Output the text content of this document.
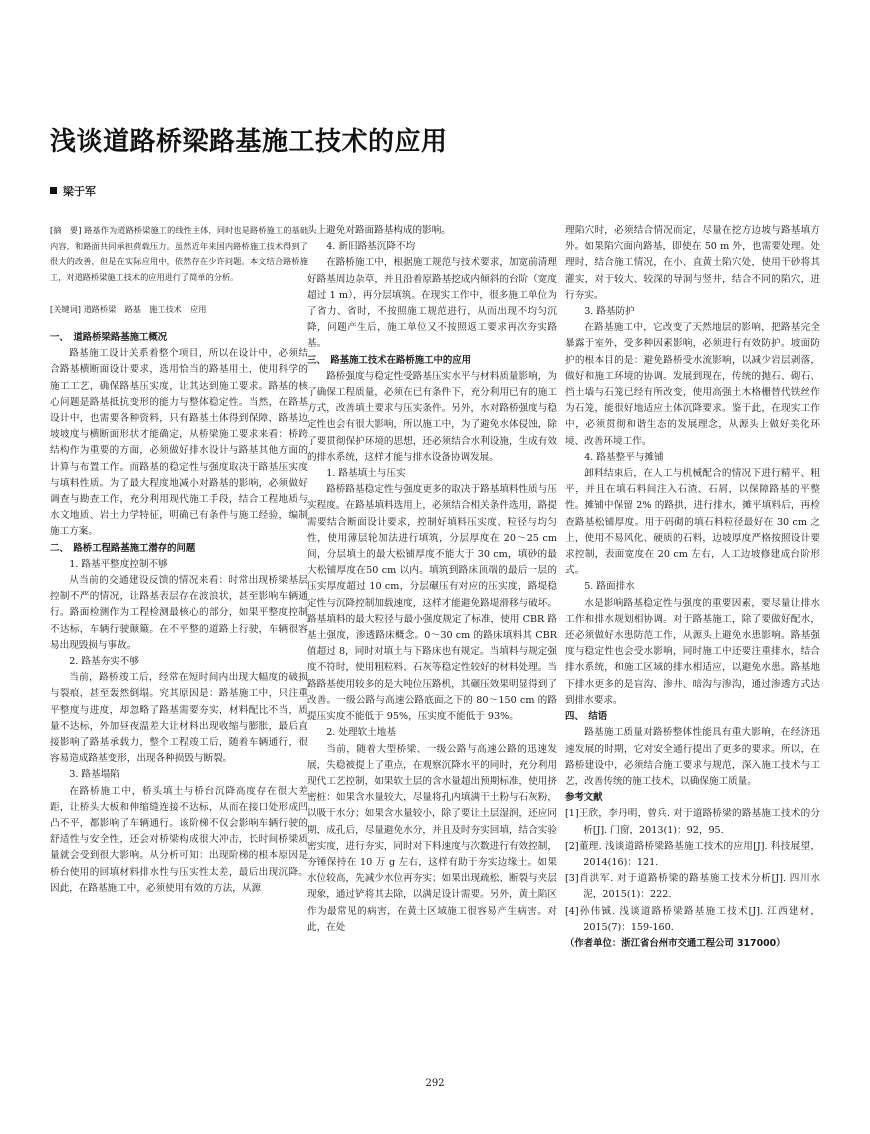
浅谈道路桥梁路基施工技术的应用
梁于军

[摘　要] 路基作为道路桥梁施工的线性主体，同时也是路桥施工的基础内容，和路面共同承担荷载压力。虽然近年来国内路桥施工技术得到了很大的改善，但是在实际应用中，依然存在少许问题。本文结合路桥施工，对道路桥梁施工技术的应用进行了简单的分析。

[关键词] 道路桥梁　路基　施工技术　应用

一、　道路桥梁路基施工概况

路基施工设计关系着整个项目，所以在设计中，必须结合路基横断面设计要求，选用恰当的路基用土，使用科学的施工工艺，确保路基压实度，让其达到施工要求。路基的核心问题是路基抵抗变形的能力与整体稳定性。当然，在路基设计中，也需要各种资料，只有路基土体得到保障，路基边坡坡度与横断面形状才能确定，从桥梁施工要求来看：桥跨结构作为重要的方面，必须做好排水设计与路基其他方面的计算与布置工作。而路基的稳定性与强度取决于路基压实度与填料性质。为了最大程度地减小对路基的影响，必须做好调查与勘查工作，充分利用现代施工手段，结合工程地质与水文地质、岩土力学特征，明确已有条件与施工经验，编制施工方案。

二、　路桥工程路基施工潜存的问题

1. 路基平整度控制不够

从当前的交通建设反馈的情况来看：时常出现桥梁基层控制不严的情况，让路基表层存在波浪状，甚至影响车辆通行。路面检测作为工程检测最核心的部分，如果平整度控制不达标，车辆行驶颠簸。在不平整的道路上行驶，车辆很容易出现毁损与事故。

2. 路基夯实不够

当前，路桥竣工后，经常在短时间内出现大幅度的破损与裂痕，甚至轰然倒塌。究其原因是：路基施工中，只注重平整度与进度，却忽略了路基需要夯实，材料配比不当，质量不达标，外加昼夜温差大让材料出现收缩与膨胀，最后直接影响了路基承载力，整个工程竣工后，随着车辆通行，很容易造成路基变形，出现各种损毁与断裂。

3. 路基塌陷

在路桥施工中，桥头填土与桥台沉降高度存在很大差距，让桥头大板和伸缩缝连接不达标，从而在接口处形成凹凸不平，都影响了车辆通行。该阶梯不仅会影响车辆行驶的舒适性与安全性，还会对桥梁构成很大冲击，长时间桥梁质量就会受到很大影响。从分析可知：出现阶梯的根本原因是桥台使用的回填材料排水性与压实性太差，最后出现沉降。因此，在路基施工中，必须使用有效的方法，从源

头上避免对路面路基构成的影响。

4. 新旧路基沉降不均

在路桥施工中，根据施工规范与技术要求，加宽前清理好路基周边杂草，并且沿着原路基挖成内倾斜的台阶（宽度超过 1 m），再分层填筑。在现实工作中，很多施工单位为了省力、省时，不按照施工规范进行，从而出现不均匀沉降，问题产生后，施工单位又不按照返工要求再次夯实路基。

三、　路基施工技术在路桥施工中的应用

路桥强度与稳定性受路基压实水平与材料质量影响，为了确保工程质量，必须在已有条件下，充分利用已有的施工方式，改善填土要求与压实条件。另外，水对路桥强度与稳定性也会有很大影响，所以施工中，为了避免水体侵蚀，除了要贯彻保护环境的思想，还必须结合水利设施，生成有效的排水系统，这样才能与排水设备协调发展。

1. 路基填土与压实

路桥路基稳定性与强度更多的取决于路基填料性质与压实程度。在路基填料选用上，必须结合相关条件选用，路提需要结合断面设计要求，控制好填料压实度、粒径与均匀性，使用薄层轮加法进行填筑，分层厚度在 20～25 cm 间，分层填土的最大松铺厚度不能大于 30 cm，填砂的最大松铺厚度在50 cm 以内。填筑到路床顶端的最后一层的压实厚度超过 10 cm，分层碾压有对应的压实度，路堤稳定性与沉降控制加载速度，这样才能避免路堤滑移与破坏。路基填料的最大粒径与最小强度规定了标准，使用 CBR 路基土强度，渗透路床概念。0～30 cm 的路床填料其 CBR 值超过 8，同时对填土与下路床也有规定。当填料与规定强度不符时，使用粗粒料、石灰等稳定性较好的材料处理。当路路基使用较多的是大吨位压路机，其碾压效果明显得到了改善。一级公路与高速公路底面之下的 80～150 cm 的路提压实度不能低于 95%，压实度不能低于 93%。

2. 处理软土地基

当前，随着大型桥梁、一级公路与高速公路的迅速发展，失稳被提上了重点，在观察沉降水平的同时，充分利用现代工艺控制，如果软土层的含水量超出预期标准，使用挤密桩：如果含水量较大，尽量将孔内填满干土粉与石灰粉，以吸干水分；如果含水量较小，除了要让土层湿润，还应同期，成孔后，尽量避免水分，并且及时夯实回填，结合实验密实度，进行夯实，同时对下料速度与次数进行有效控制，夯锤保持在 10 万 g 左右，这样有助于夯实边缘土。如果水位较高，先减少水位再夯实；如果出现疏松、断裂与夹层现象，通过铲将其去除，以满足设计需要。另外，黄土陷区作为最常见的病害，在黄土区域施工很容易产生病害。对此，在处

理陷穴时，必须结合情况而定，尽量在挖方边坡与路基填方外。如果陷穴面向路基，即使在 50 m 外，也需要处理。处理时，结合施工情况，在小、直黄土陷穴处，使用干砂将其灌实，对于较大、较深的导洞与竖井，结合不同的陷穴，进行夯实。

3. 路基防护

在路基施工中，它改变了天然地层的影响，把路基完全暴露于室外，受多种因素影响，必须进行有效防护。坡面防护的根本目的是：避免路桥受水流影响，以减少岩层剥落，做好和施工环境的协调。发展到现在，传统的抛石、砌石、挡土墙与石笼已经有所改变，使用高强土木格栅替代铁丝作为石笼，能很好地适应土体沉降要求。鉴于此，在现实工作中，必须贯彻和谐生态的发展理念，从源头上做好美化环境、改善环境工作。

4. 路基整平与摊铺

卸料结束后，在人工与机械配合的情况下进行精平、粗平，并且在填石料间注入石渣、石屑，以保障路基的平整性。摊铺中保留 2% 的路拱，进行排水，摊平填料后，再检查路基松铺厚度。用于码砌的填石料粒径最好在 30 cm 之上，使用不易风化、硬质的石料，边坡厚度严格按照设计要求控制，表面宽度在 20 cm 左右，人工边坡修建成台阶形式。

5. 路面排水

水是影响路基稳定性与强度的重要因素，要尽量让排水工作和排水规划相协调。对于路基施工，除了要做好配水，还必须做好水患防范工作，从源头上避免水患影响。路基强度与稳定性也会受水影响，同时施工中还要注重排水，结合排水系统，和施工区域的排水相适应，以避免水患。路基地下排水更多的是盲沟、渗井、暗沟与渗沟，通过渗透方式达到排水要求。

四、　结语

路基施工质量对路桥整体性能具有重大影响，在经济迅速发展的时期，它对安全通行提出了更多的要求。所以，在路桥建设中，必须结合施工要求与规范，深入施工技术与工艺，改善传统的施工技术，以确保施工质量。

参考文献

[1]王欣，李丹明，曾兵. 对于道路桥梁的路基施工技术的分析[J]. 门窗，2013(1)：92，95.

[2]董理. 浅谈道路桥梁路基施工技术的应用[J]. 科技展望，2014(16)：121.

[3]肖洪军. 对于道路桥梁的路基施工技术分析[J]. 四川水泥，2015(1)：222.

[4]孙伟铖. 浅谈道路桥梁路基施工技术[J]. 江西建材，2015(7)：159-160.

（作者单位：浙江省台州市交通工程公司 317000）

292
